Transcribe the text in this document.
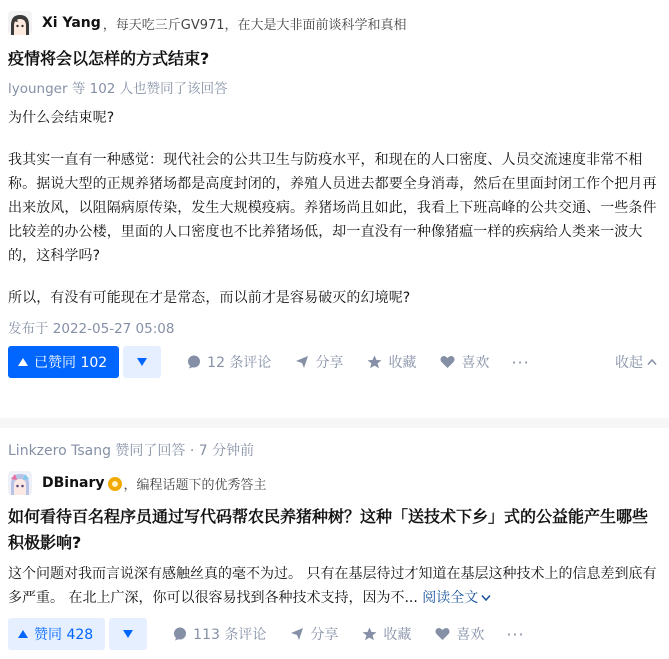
Xi Yang ，每天吃三斤GV971，在大是大非面前谈科学和真相
疫情将会以怎样的方式结束?
lyounger 等 102 人也赞同了该回答

为什么会结束呢?

我其实一直有一种感觉：现代社会的公共卫生与防疫水平，和现在的人口密度、人员交流速度非常不相称。据说大型的正规养猪场都是高度封闭的，养殖人员进去都要全身消毒，然后在里面封闭工作个把月再出来放风，以阻隔病原传染，发生大规模疫病。养猪场尚且如此，我看上下班高峰的公共交通、一些条件比较差的办公楼，里面的人口密度也不比养猪场低，却一直没有一种像猪瘟一样的疾病给人类来一波大的，这科学吗?

所以，有没有可能现在才是常态，而以前才是容易破灭的幻境呢?

发布于 2022-05-27 05:08
已赞同 102	12 条评论	分享	收藏	喜欢 ···	收起
Linkzero Tsang 赞同了回答 · 7 分钟前
DBinary ，编程话题下的优秀答主
如何看待百名程序员通过写代码帮农民养猪种树？这种「送技术下乡」式的公益能产生哪些积极影响?
这个问题对我而言说深有感触丝真的毫不为过。 只有在基层待过才知道在基层这种技术上的信息差到底有多严重。 在北上广深，你可以很容易找到各种技术支持，因为不... 阅读全文
赞同 428	113 条评论	分享	收藏	喜欢 ···
